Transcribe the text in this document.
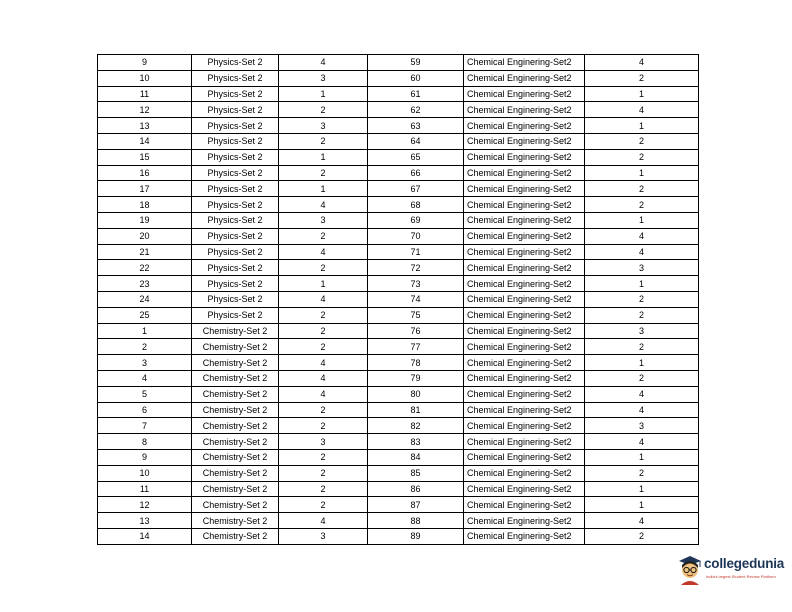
9	Physics-Set 2	4	59	Chemical Enginering-Set2	4
10	Physics-Set 2	3	60	Chemical Enginering-Set2	2
11	Physics-Set 2	1	61	Chemical Enginering-Set2	1
12	Physics-Set 2	2	62	Chemical Enginering-Set2	4
13	Physics-Set 2	3	63	Chemical Enginering-Set2	1
14	Physics-Set 2	2	64	Chemical Enginering-Set2	2
15	Physics-Set 2	1	65	Chemical Enginering-Set2	2
16	Physics-Set 2	2	66	Chemical Enginering-Set2	1
17	Physics-Set 2	1	67	Chemical Enginering-Set2	2
18	Physics-Set 2	4	68	Chemical Enginering-Set2	2
19	Physics-Set 2	3	69	Chemical Enginering-Set2	1
20	Physics-Set 2	2	70	Chemical Enginering-Set2	4
21	Physics-Set 2	4	71	Chemical Enginering-Set2	4
22	Physics-Set 2	2	72	Chemical Enginering-Set2	3
23	Physics-Set 2	1	73	Chemical Enginering-Set2	1
24	Physics-Set 2	4	74	Chemical Enginering-Set2	2
25	Physics-Set 2	2	75	Chemical Enginering-Set2	2
1	Chemistry-Set 2	2	76	Chemical Enginering-Set2	3
2	Chemistry-Set 2	2	77	Chemical Enginering-Set2	2
3	Chemistry-Set 2	4	78	Chemical Enginering-Set2	1
4	Chemistry-Set 2	4	79	Chemical Enginering-Set2	2
5	Chemistry-Set 2	4	80	Chemical Enginering-Set2	4
6	Chemistry-Set 2	2	81	Chemical Enginering-Set2	4
7	Chemistry-Set 2	2	82	Chemical Enginering-Set2	3
8	Chemistry-Set 2	3	83	Chemical Enginering-Set2	4
9	Chemistry-Set 2	2	84	Chemical Enginering-Set2	1
10	Chemistry-Set 2	2	85	Chemical Enginering-Set2	2
11	Chemistry-Set 2	2	86	Chemical Enginering-Set2	1
12	Chemistry-Set 2	2	87	Chemical Enginering-Set2	1
13	Chemistry-Set 2	4	88	Chemical Enginering-Set2	4
14	Chemistry-Set 2	3	89	Chemical Enginering-Set2	2
collegedunia
India's largest Student Review Platform
